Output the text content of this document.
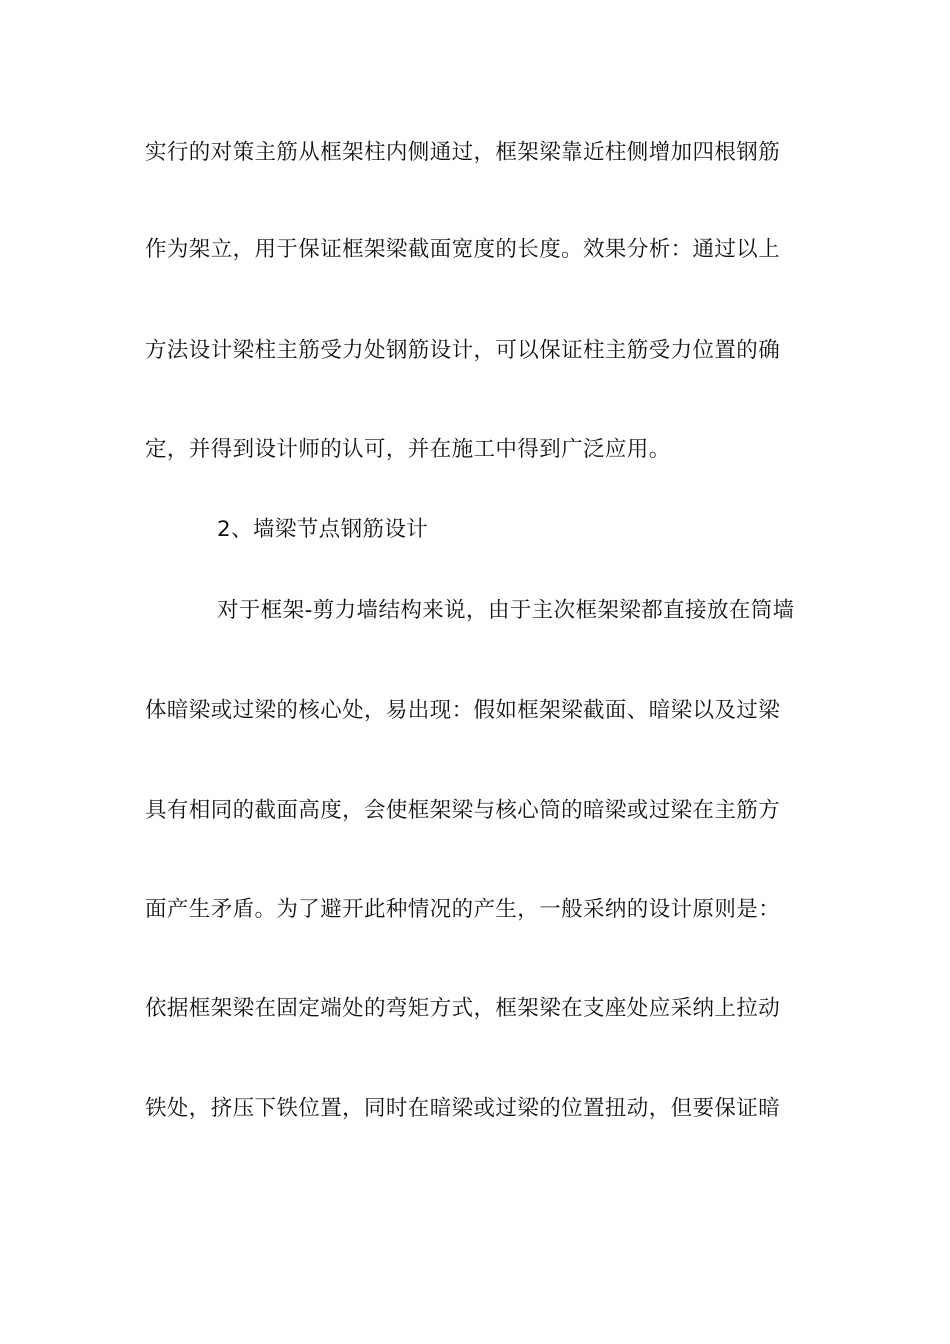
实行的对策主筋从框架柱内侧通过，框架梁靠近柱侧增加四根钢筋
作为架立，用于保证框架梁截面宽度的长度。效果分析：通过以上
方法设计梁柱主筋受力处钢筋设计，可以保证柱主筋受力位置的确
定，并得到设计师的认可，并在施工中得到广泛应用。
2、墙梁节点钢筋设计
对于框架-剪力墙结构来说，由于主次框架梁都直接放在筒墙
体暗梁或过梁的核心处，易出现：假如框架梁截面、暗梁以及过梁
具有相同的截面高度，会使框架梁与核心筒的暗梁或过梁在主筋方
面产生矛盾。为了避开此种情况的产生，一般采纳的设计原则是：
依据框架梁在固定端处的弯矩方式，框架梁在支座处应采纳上拉动
铁处，挤压下铁位置，同时在暗梁或过梁的位置扭动，但要保证暗
